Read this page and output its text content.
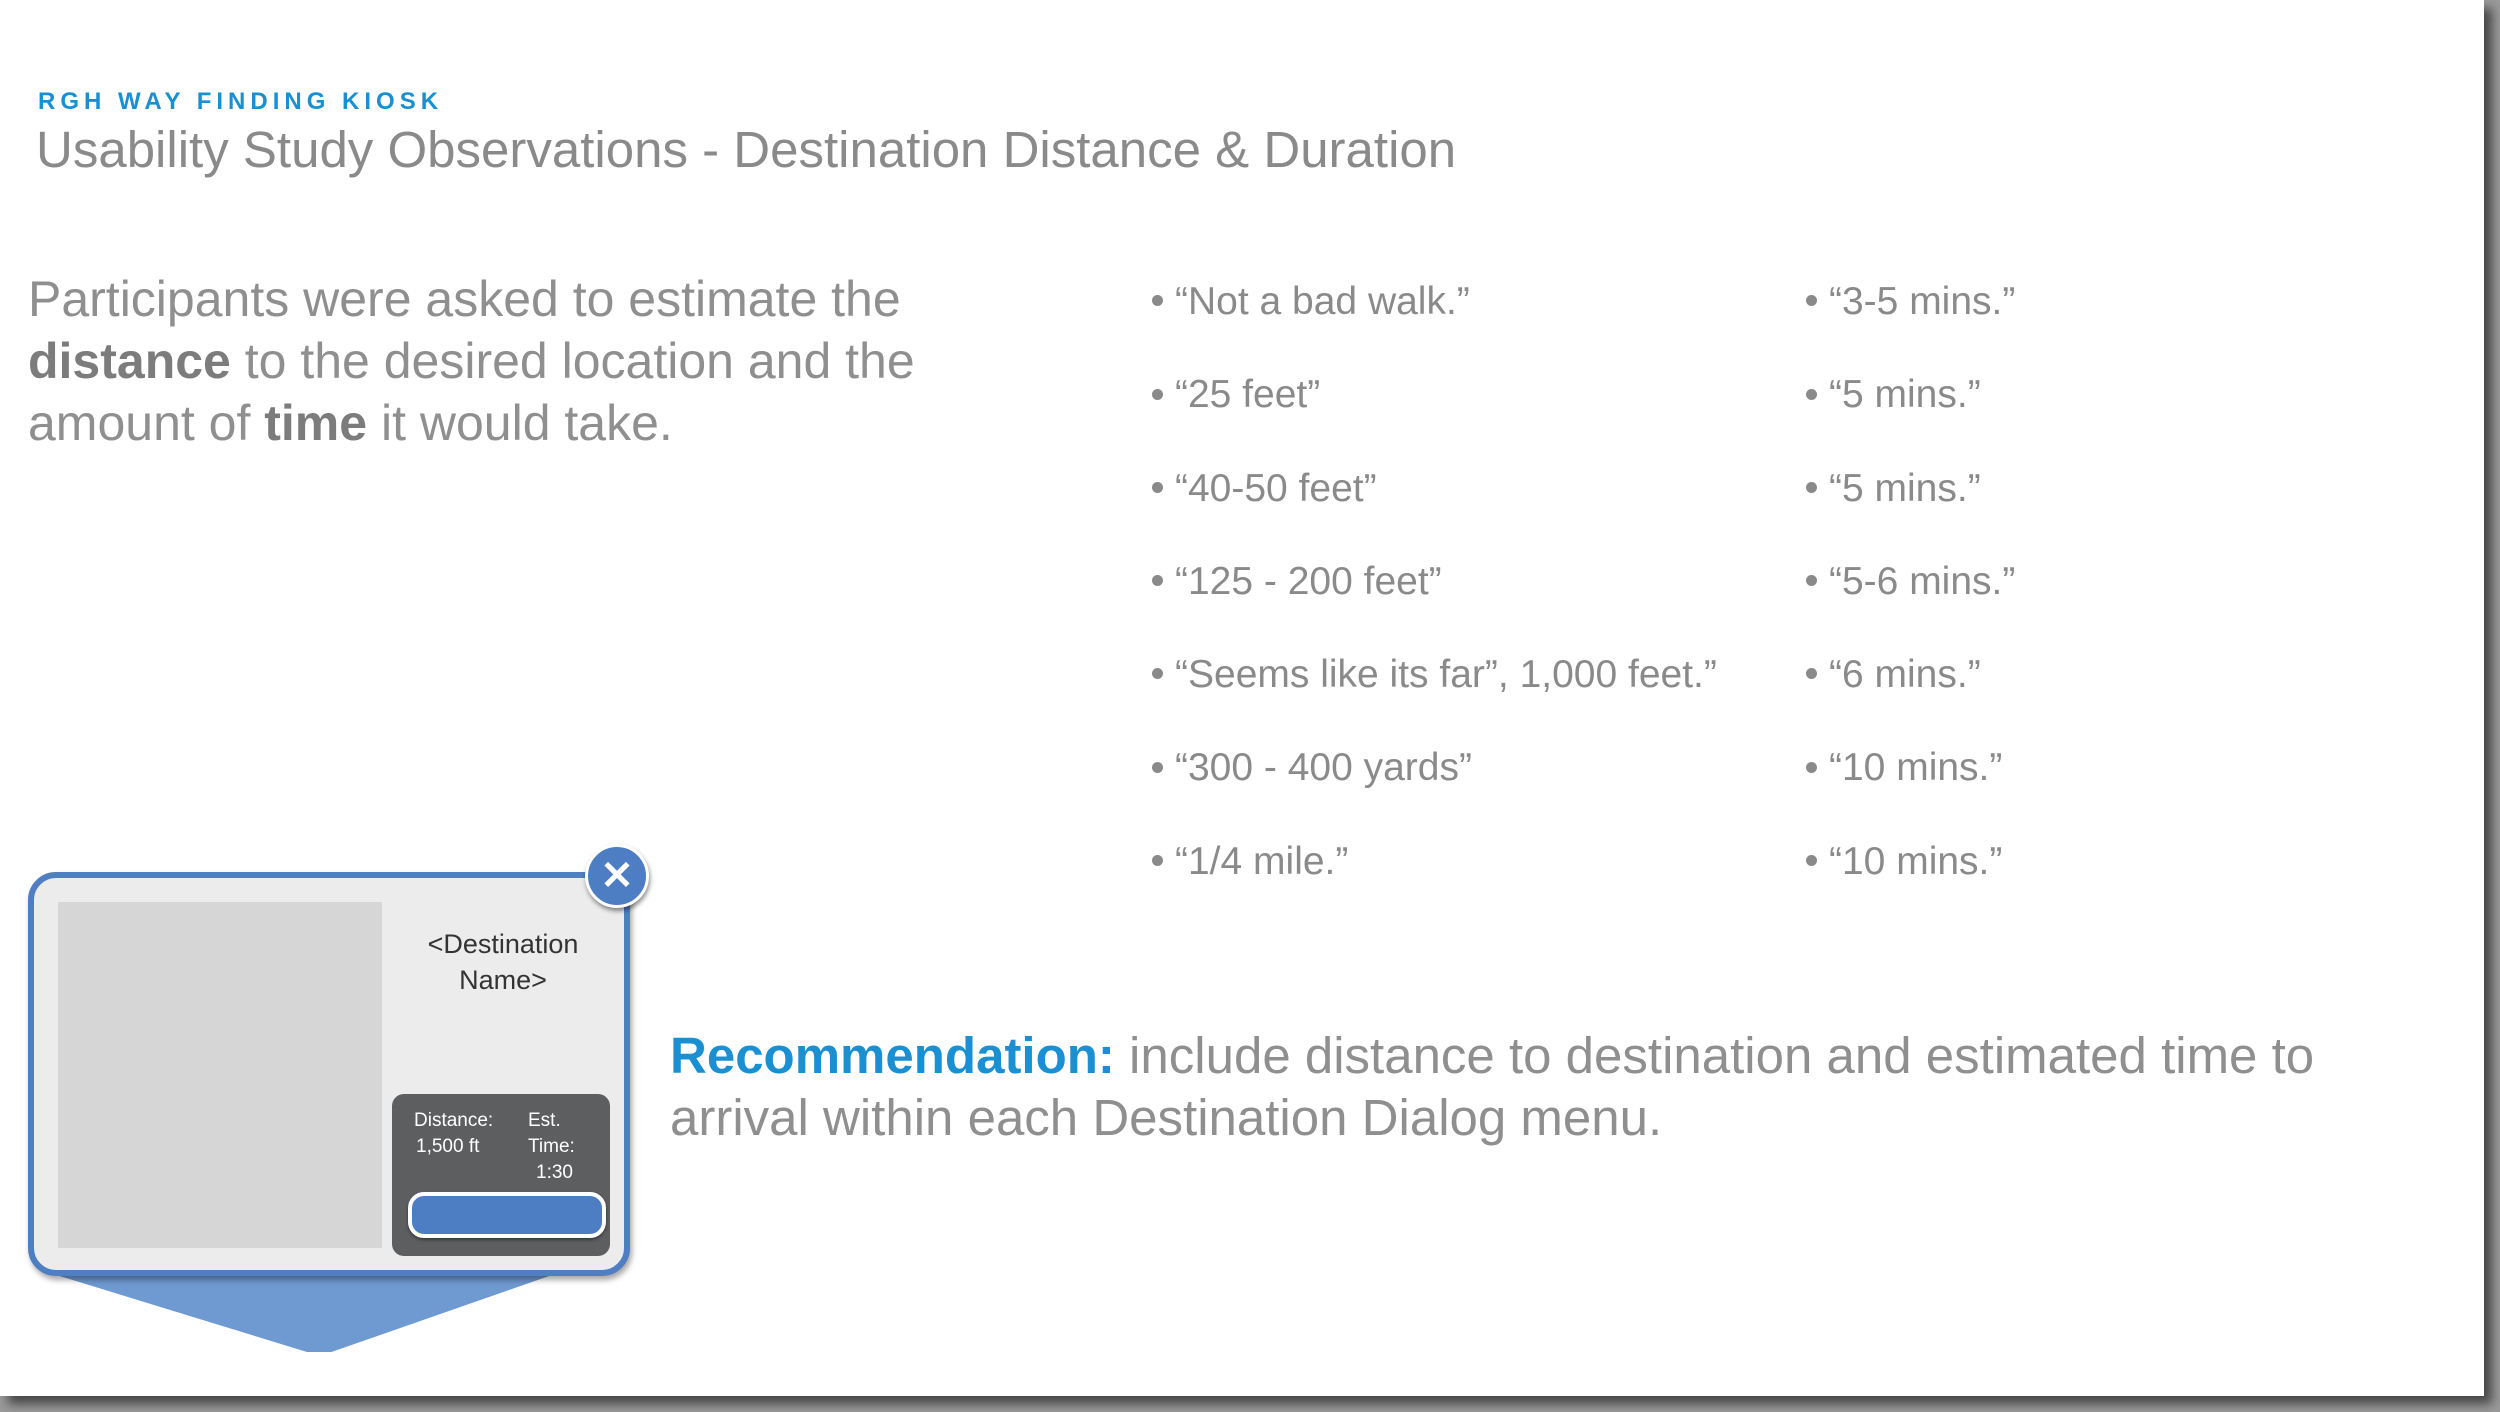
RGH WAY FINDING KIOSK
Usability Study Observations - Destination Distance & Duration
Participants were asked to estimate the distance to the desired location and the amount of time it would take.
“Not a bad walk.”
“25 feet”
“40-50 feet”
“125 - 200 feet”
“Seems like its far”, 1,000 feet.”
“300 - 400 yards”
“1/4 mile.”
“3-5 mins.”
“5 mins.”
“5 mins.”
“5-6 mins.”
“6 mins.”
“10 mins.”
“10 mins.”
Recommendation: include distance to destination and estimated time to arrival within each Destination Dialog menu.
<Destination
Name>
Distance:
1,500 ft
Est. Time:
1:30
✕
